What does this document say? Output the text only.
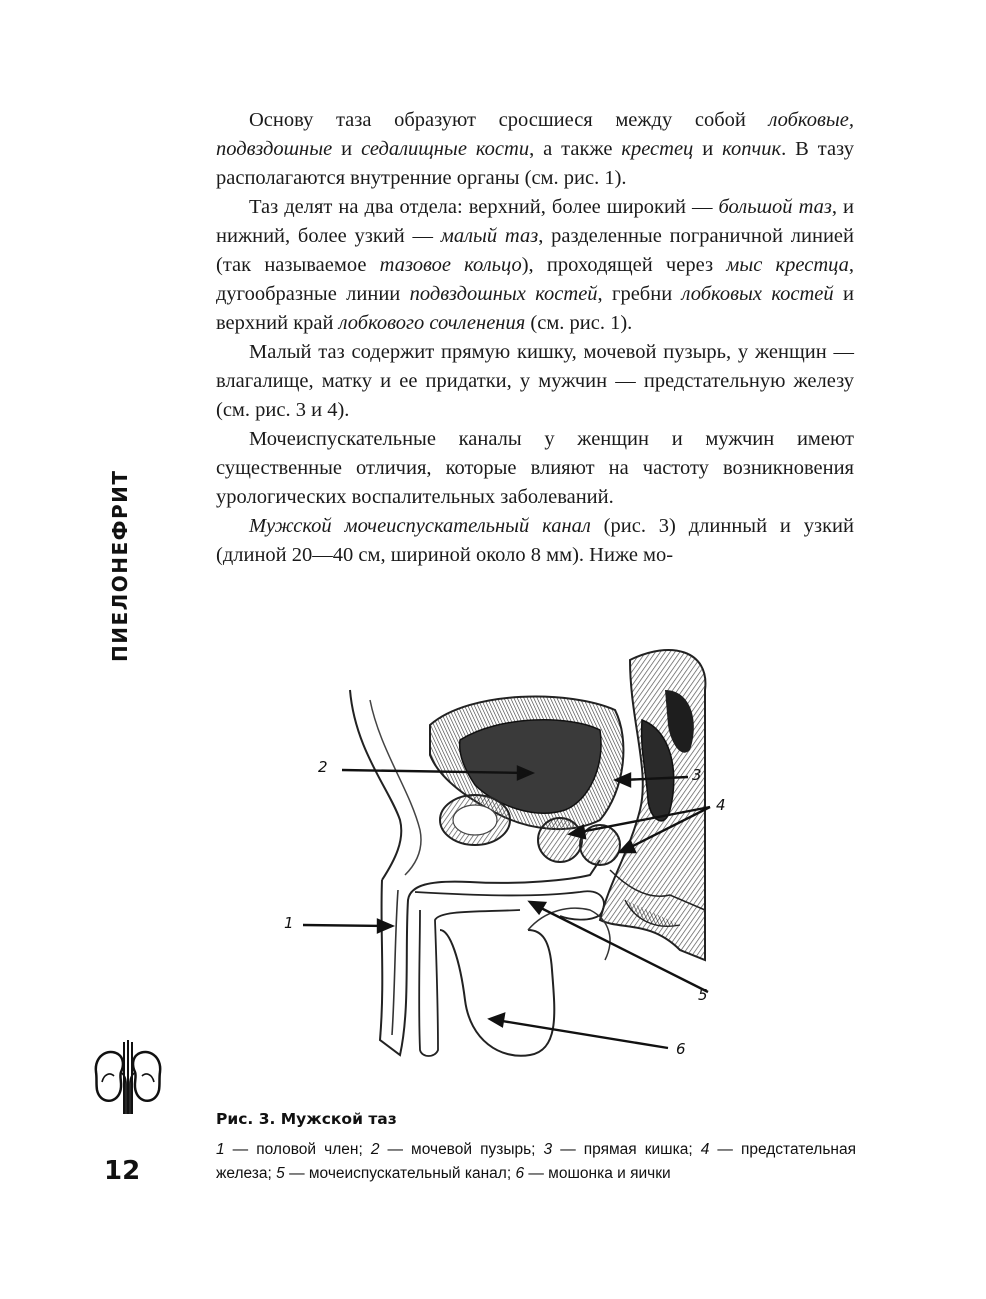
Основу таза образуют сросшиеся между собой лобковые, подвздошные и седалищные кости, а также крестец и копчик. В тазу располагаются внутренние органы (см. рис. 1).

Таз делят на два отдела: верхний, более широкий — большой таз, и нижний, более узкий — малый таз, разделенные пограничной линией (так называемое тазовое кольцо), проходящей через мыс крестца, дугообразные линии подвздошных костей, гребни лобковых костей и верхний край лобкового сочленения (см. рис. 1).

Малый таз содержит прямую кишку, мочевой пузырь, у женщин — влагалище, матку и ее придатки, у мужчин — предстательную железу (см. рис. 3 и 4).

Мочеиспускательные каналы у женщин и мужчин имеют существенные отличия, которые влияют на частоту возникновения урологических воспалительных заболеваний.

Мужской мочеиспускательный канал (рис. 3) длинный и узкий (длиной 20—40 см, шириной около 8 мм). Ниже мо-

ПИЕЛОНЕФРИТ
12
2	3
4
1
5
6
Рис. 3. Мужской таз
1 — половой член; 2 — мочевой пузырь; 3 — прямая кишка; 4 — предстательная железа; 5 — мочеиспускательный канал; 6 — мошонка и яички
